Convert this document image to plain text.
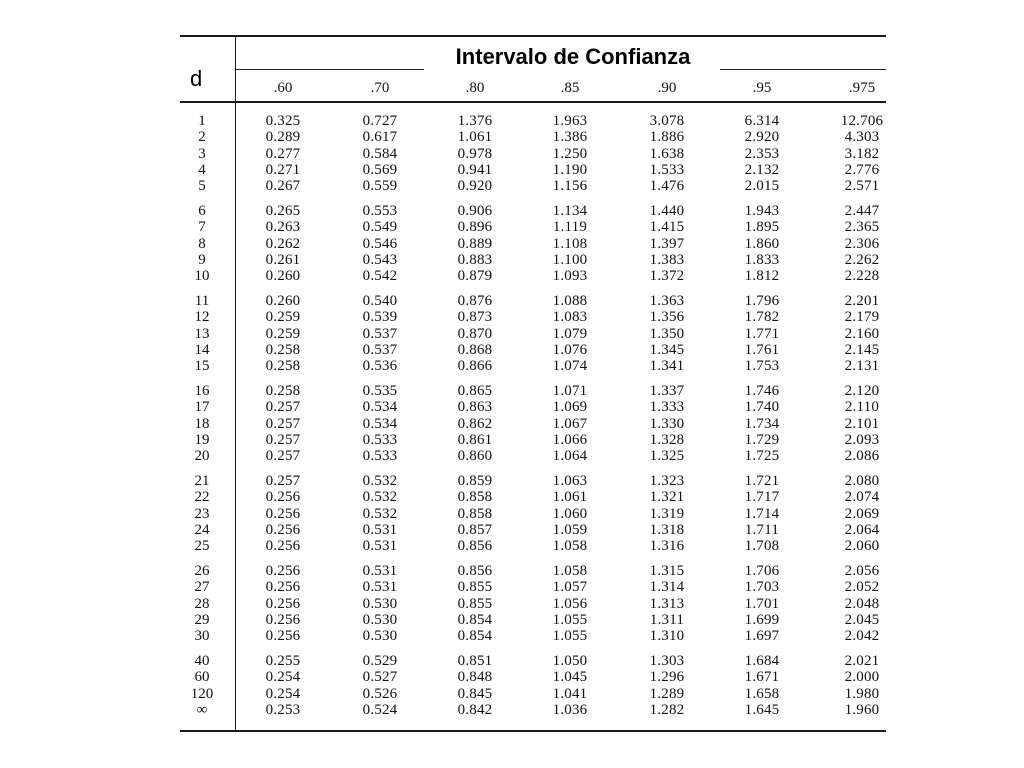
d
Intervalo de Confianza
.60	.70	.80	.85	.90	.95	.975
1	0.325	0.727	1.376	1.963	3.078	6.314	12.706
2	0.289	0.617	1.061	1.386	1.886	2.920	4.303
3	0.277	0.584	0.978	1.250	1.638	2.353	3.182
4	0.271	0.569	0.941	1.190	1.533	2.132	2.776
5	0.267	0.559	0.920	1.156	1.476	2.015	2.571
6	0.265	0.553	0.906	1.134	1.440	1.943	2.447
7	0.263	0.549	0.896	1.119	1.415	1.895	2.365
8	0.262	0.546	0.889	1.108	1.397	1.860	2.306
9	0.261	0.543	0.883	1.100	1.383	1.833	2.262
10	0.260	0.542	0.879	1.093	1.372	1.812	2.228
11	0.260	0.540	0.876	1.088	1.363	1.796	2.201
12	0.259	0.539	0.873	1.083	1.356	1.782	2.179
13	0.259	0.537	0.870	1.079	1.350	1.771	2.160
14	0.258	0.537	0.868	1.076	1.345	1.761	2.145
15	0.258	0.536	0.866	1.074	1.341	1.753	2.131
16	0.258	0.535	0.865	1.071	1.337	1.746	2.120
17	0.257	0.534	0.863	1.069	1.333	1.740	2.110
18	0.257	0.534	0.862	1.067	1.330	1.734	2.101
19	0.257	0.533	0.861	1.066	1.328	1.729	2.093
20	0.257	0.533	0.860	1.064	1.325	1.725	2.086
21	0.257	0.532	0.859	1.063	1.323	1.721	2.080
22	0.256	0.532	0.858	1.061	1.321	1.717	2.074
23	0.256	0.532	0.858	1.060	1.319	1.714	2.069
24	0.256	0.531	0.857	1.059	1.318	1.711	2.064
25	0.256	0.531	0.856	1.058	1.316	1.708	2.060
26	0.256	0.531	0.856	1.058	1.315	1.706	2.056
27	0.256	0.531	0.855	1.057	1.314	1.703	2.052
28	0.256	0.530	0.855	1.056	1.313	1.701	2.048
29	0.256	0.530	0.854	1.055	1.311	1.699	2.045
30	0.256	0.530	0.854	1.055	1.310	1.697	2.042
40	0.255	0.529	0.851	1.050	1.303	1.684	2.021
60	0.254	0.527	0.848	1.045	1.296	1.671	2.000
120	0.254	0.526	0.845	1.041	1.289	1.658	1.980
∞	0.253	0.524	0.842	1.036	1.282	1.645	1.960
